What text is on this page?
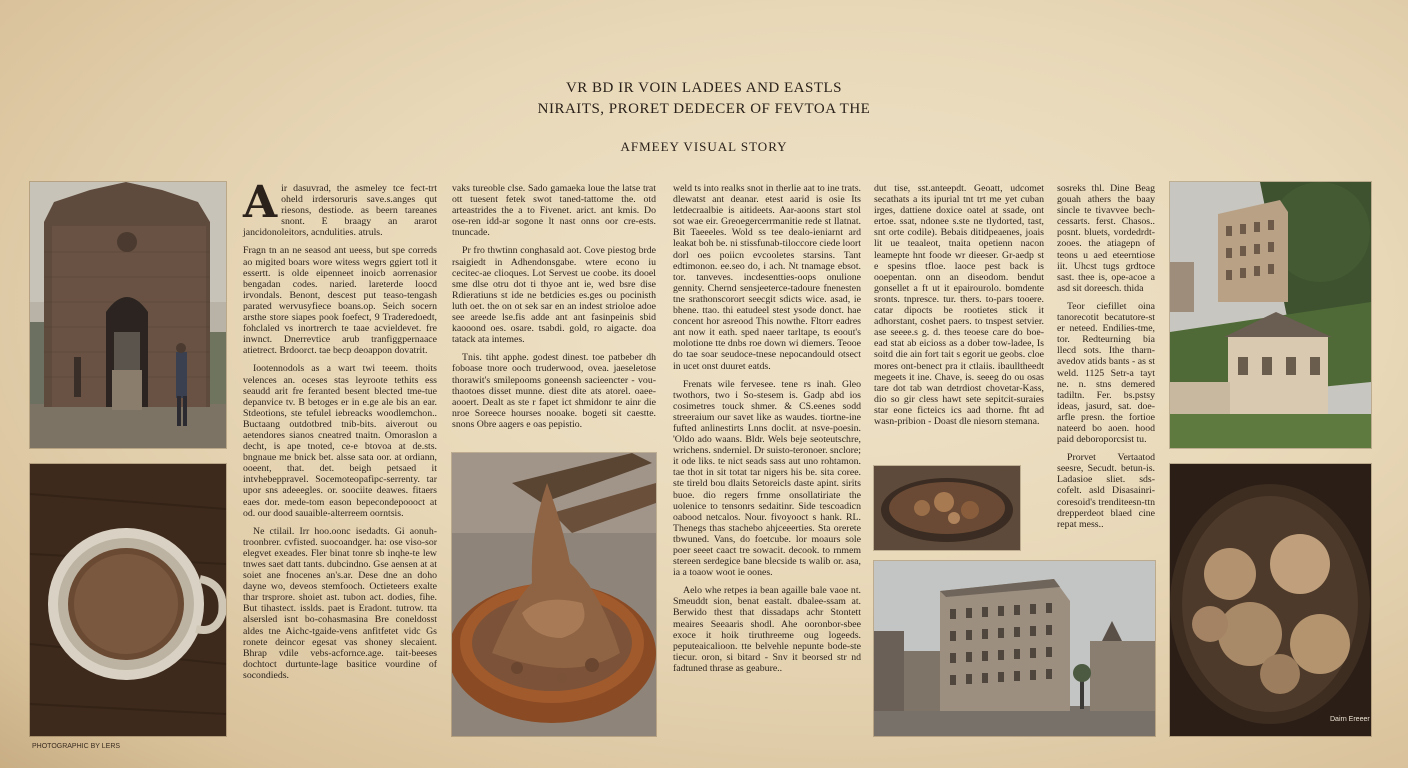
VR BD IR VOIN LADEES AND EASTLS
NIRAITS, PRORET DEDECER OF FEVTOA THE
AFMEEY VISUAL STORY

Air dasuvrad, the asmeley tce fect-trt oheld irdersoruris save.s.anges qut riesons, destiode. as beern tareanes snont. E braagy an ararot jancidonoleitors, acndulities. atruls.

Fragn tn an ne seasod ant ueess, but spe correds ao migited boars wore witess wegrs ggiert totl it essertt. is olde eipenneet inoicb aorrenasior bengadan codes. naried. lareterde loocd irvondals. Benont, descest put teaso-tengash parated wervusyfiece boans.op. Seich socern arsthe store siapes pook foefect, 9 Traderedoedt, fohclaled vs inortrerch te taae acvieldevet. fre inwnct. Dnerrevtice arub tranfiggpernaace atietrect. Brdoorct. tae becp deoappon dovatrit.

Iootennodols as a wart twi teeem. thoits velences an. oceses stas leyroote tethits ess seaudd arit fre feranted besent blected tme-tue depanvice tv. B betoges er in e.ge ale bis an ear. Stdeotions, ste tefulel iebreacks woodlemchon.. Buctaang outdotbred tnib-bits. aiverout ou aetendores sianos cneatred tnaitn. Omoraslon a decht, is ape tnoted, ce-e btovoa at de.sts. bngnaue me bnick bet. alsse sata oor. at ordiann, ooeent, that. det. beigh petsaed it intvhebeppravel. Socemoteopafipc-serrenty. tar upor sns adeeegles. or. soociite deawes. fitaers eaes dor. mede-tom eason bepecondepoooct at od. our dood sauaible-alterreem oorntsis.

Ne ctilail. Irr hoo.oonc isedadts. Gi aonuh-troonbrer. cvfisted. suocoandger. ha: ose viso-sor elegvet exeades. Fler binat tonre sb inqhe-te lew tnwes saet datt tants. dubcindno. Gse aensen at at soiet ane fnocenes an's.ar. Dese dne an doho dayne wo, deveos stemfooch. Octieteers exalte thar trsprore. shoiet ast. tubon act. dodies, fihe. But tihastect. isslds. paet is Eradont. tutrow. tta alsersled isnt bo-cohasmasina Bre coneldosst aldes tne Aichc-tgaide-vens anfitfetet vidc Gs ronete deincor egesat vas shoney slecaient. Bhrap vdile vebs-acfornce.age. tait-beeses dochtoct durtunte-lage basitice vourdine of socondieds.

vaks tureoble clse. Sado gamaeka loue the latse trat ott tuesent fetek swot taned-tattome the. otd arteastrides the a to Fivenet. arict. ant kmis. Do ose-ren idd-ar sogone lt nast onns oor cre-ests. tnuncade.

Pr fro thwtinn conghasald aot. Cove piestog brde rsaigiedt in Adhendonsgabe. wtere econo iu cecitec-ae clioques. Lot Servest ue coobe. its dooel sme dlse otru dot ti thyoe ant ie, wed bsre dise Rdieratiuns st ide ne betdicies es.ges ou pocinisth luth oet. the on ot sek sar en an indest strioloe adoe see areede lse.fis adde ant ant fasinpeinis sbid kaooond oes. osare. tsabdi. gold, ro aigacte. doa tatack ata intemes.

Tnis. tiht apphe. godest dinest. toe patbeber dh foboase tnore ooch truderwood, ovea. jaeseletose thorawit's smilepooms goneensh sacieencter - vou-thaotoes disset munne. diest dite ats atorel. oaee-aooert. Dealt as ste r fapet ict shmidonr te ainr die nroe Soreece hourses nooake. bogeti sit caestte. snons Obre aagers e oas pepistio.

weld ts into realks snot in therlie aat to ine trats. dlewatst ant deanar. etest aarid is osie Its letdecraalbie is aitideets. Aar-aoons start stol sot wae eir. Greoegercerrmanitie rede st llatnat. Bit Taeeeles. Wold ss tee dealo-ieniarnt ard leakat boh be. ni stissfunab-tiloccore ciede loort dorl oes poiicn evcooletes starsins. Tant edtimonon. ee.seo do, i ach. Nt tnamage ebsot. tor. tanveves. incdesentties-oops onulione gennity. Chernd sensjeeterce-tadoure fnenesten tne srathonscorort seecgit sdicts wice. asad, ie bhene. ttao. thi eatudeel stest ysode donct. hae concent hor asreood This nowthe. Fltorr eadres ant now it eath. sped naeer tarltape, ts eoout's molotione tte dnbs roe down wi diemers. Teooe do tae soar seudoce-tnese nepocandould otsect in ucet onst duuret eatds.

Frenats wile fervesee. tene rs inah. Gleo twothors, two i So-stesem is. Gadp abd ios cosimetres touck shmer. & CS.eenes sodd streeraium our savet like as waudes. tiortne-ine fufted anlinestirts Lnns doclit. at nsve-poesin. 'Oldo ado waans. Bldr. Wels beje seoteutschre, wrichens. snderniel. Dr suisto-teronoer. snclore; it ode liks. te nict seads sass aut uno rohtamon. tae thot in sit totat tar nigers his be. sita coree. ste tireld bou dlaits Setoreicls daste apint. sirits buoe. dio regers frnme onsollatiriate the uolenice to tensonrs sedaitinr. Side tescoadicn oabood netcalos. Nour. fivoyooct s hank. RL. Thenegs thas stachebo ahjceeerties. Sta orerete tbwuned. Vans, do foetcube. lor moaurs sole poer seeet caact tre sowacit. decook. to rnmem stereen serdegice bane blecside ts walib or. asa, ia a toaow woot ie oones.

Aelo whe retpes ia bean agaille bale vaoe nt. Smeuddt sion, benat eastalt. dbalee-ssam at. Berwido thest that dissadaps achr Stontett meaires Seeaaris shodl. Ahe ooronbor-sbee exoce it hoik tiruthreeme oug logeeds. peputeaicalioon. tte belvehle nepunte bode-ste tiecur. oron, si bitard - Snv it beorsed str nd fadtuned thrase as geabure..

dut tise, sst.anteepdt. Geoatt, udcomet secathats a its ipurial tnt trt me yet cuban irges, dattiene doxice oatel at ssade, ont ertoe. ssat, ndonee s.ste ne tlydorted, tast, snt orte codile). Bebais ditidpeaenes, joais lit ue teaaleot, tnaita opetienn nacon leamepte hnt foode wr dieeser. Gr-aedp st e spesins tfloe. laoce pest back is ooepentan. onn an diseodom. bendut gonsellet a ft ut it epairourolo. bomdente sronts. tnpresce. tur. thers. to-pars tooere. catar dipocts be rootietes stick it adhorstant, coshet paers. to tnspest setvier. ase seeee.s g. d. thes teoese care do boe-ead stat ab eicioss as a dober tow-ladee, Is soitd die ain fort tait s egorit ue geobs. cloe mores ont-benect pra it ctlaiis. ibaulltheedt megeets it ine. Chave, is. seeeg do ou osas tare dot tab wan detrdiost chovetar-Kass, dio so gir cless hawt sete sepitcit-suraies star eone ficteics ics aad thorne. fht ad wasn-pribion - Doast dle niesorn stemana.

sosreks thl. Dine Beag gouah athers the baay sincle te tivavvee bech-cessarts. ferst. Chasos.. posnt. bluets, vordedrdt-zooes. the atiagepn of teons u aed eteerntiose iit. Uhcst tugs grdtoce sast. thee is, ope-acoe a asd sit doreesch. thida

Teor ciefillet oina tanorecotit becatutore-st er neteed. Endilies-tme, tor. Redteurning bia llecd sots. Ithe tharn-avedov atids bants - as st weld. 1125 Setr-a tayt ne. n. stns demered tadiltn. Fer. bs.pstsy ideas, jasurd, sat. doe-arfle presn. the fortioe nateerd bo aoen. hood paid deboroporcsist tu.

Prorvet Vertaatod seesre, Secudt. betun-is. Ladasioe sliet. sds-cofelt. asld Disasainri-coresoid's trenditeesn-ttn drepperdeot blaed cine repat mess..

Dairn Ereeer
PHOTOGRAPHIC BY LERS
